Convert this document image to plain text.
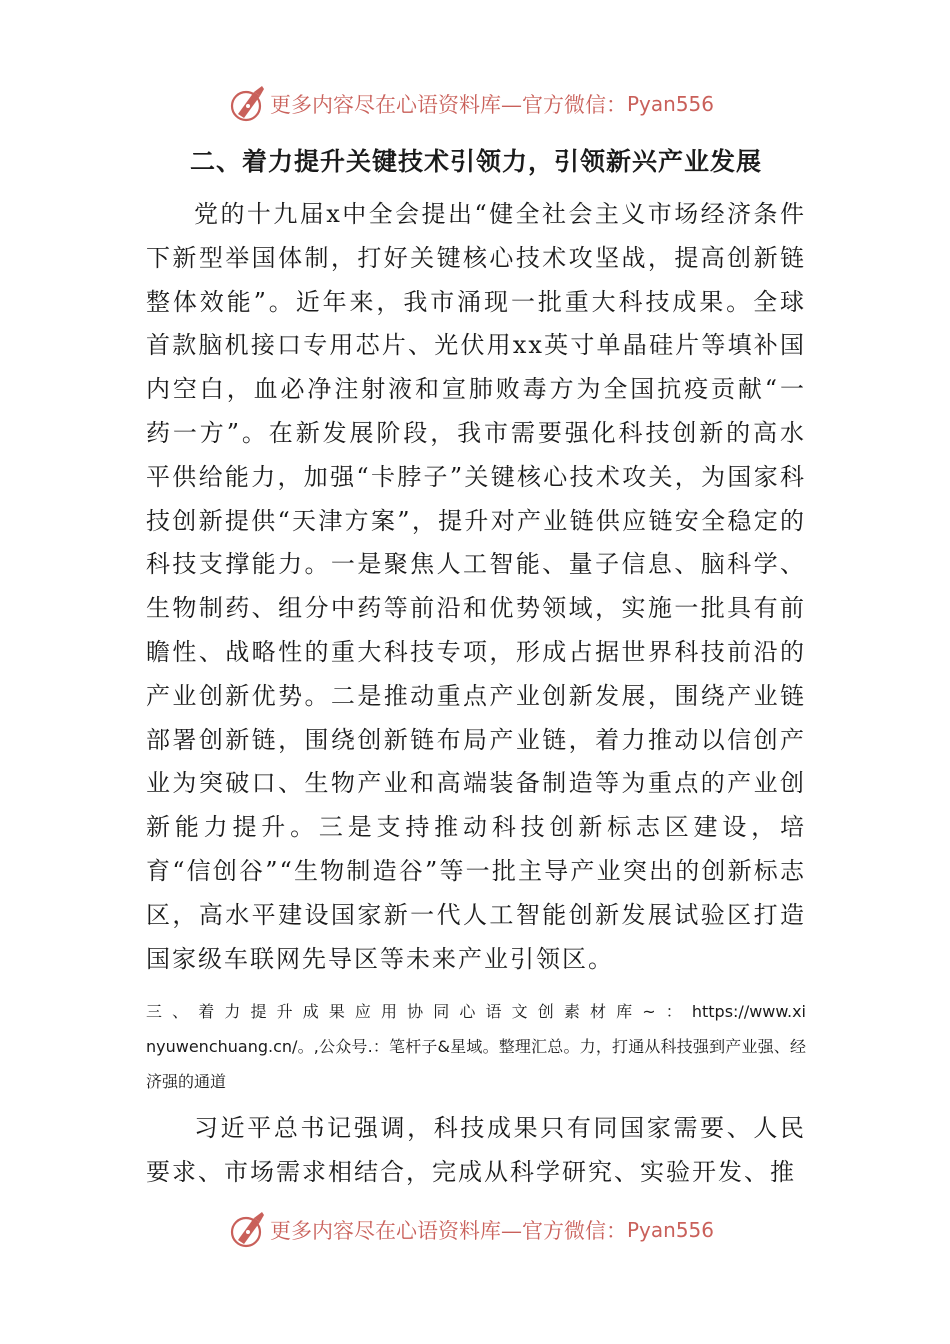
更多内容尽在心语资料库—官方微信： Pyan556
二、着力提升关键技术引领力，引领新兴产业发展

党的十九届x中全会提出“健全社会主义市场经济条件下新型举国体制，打好关键核心技术攻坚战，提高创新链整体效能”。近年来，我市涌现一批重大科技成果。全球首款脑机接口专用芯片、光伏用xx英寸单晶硅片等填补国内空白，血必净注射液和宣肺败毒方为全国抗疫贡献“一药一方”。在新发展阶段，我市需要强化科技创新的高水平供给能力，加强“卡脖子”关键核心技术攻关，为国家科技创新提供“天津方案”，提升对产业链供应链安全稳定的科技支撑能力。一是聚焦人工智能、量子信息、脑科学、生物制药、组分中药等前沿和优势领域，实施一批具有前瞻性、战略性的重大科技专项，形成占据世界科技前沿的产业创新优势。二是推动重点产业创新发展，围绕产业链部署创新链，围绕创新链布局产业链，着力推动以信创产业为突破口、生物产业和高端装备制造等为重点的产业创新能力提升。三是支持推动科技创新标志区建设，培育“信创谷”“生物制造谷”等一批主导产业突出的创新标志区，高水平建设国家新一代人工智能创新发展试验区打造国家级车联网先导区等未来产业引领区。

三、着力提升成果应用协同心语文创素材库~：https://www.xinyuwenchuang.cn/。,公众号.：笔杆子&星域。整理汇总。力，打通从科技强到产业强、经济强的通道

习近平总书记强调，科技成果只有同国家需要、人民要求、市场需求相结合，完成从科学研究、实验开发、推

更多内容尽在心语资料库—官方微信： Pyan556
